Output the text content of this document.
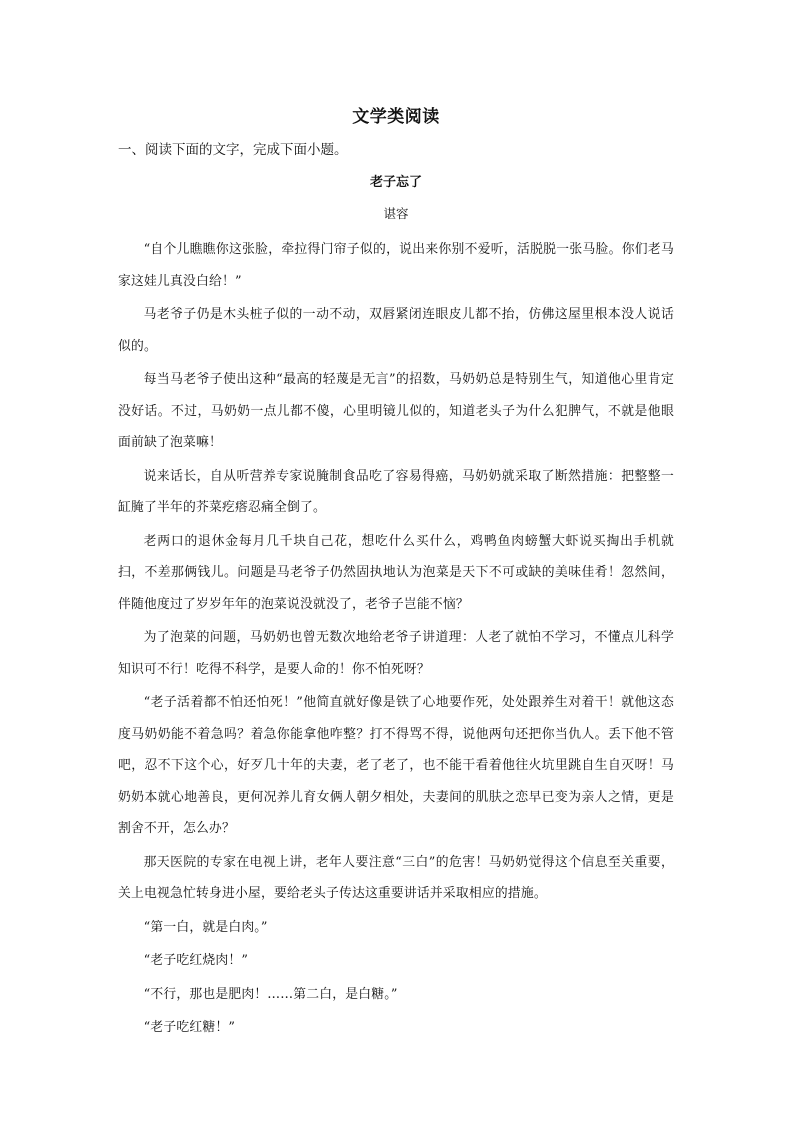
文学类阅读
一、阅读下面的文字，完成下面小题。
老子忘了
谌容

“自个儿瞧瞧你这张脸，牵拉得门帘子似的，说出来你别不爱听，活脱脱一张马脸。你们老马家这娃儿真没白给！”

马老爷子仍是木头桩子似的一动不动，双唇紧闭连眼皮儿都不抬，仿佛这屋里根本没人说话似的。

每当马老爷子使出这种“最高的轻蔑是无言”的招数，马奶奶总是特别生气，知道他心里肯定没好话。不过，马奶奶一点儿都不傻，心里明镜儿似的，知道老头子为什么犯脾气，不就是他眼面前缺了泡菜嘛！

说来话长，自从听营养专家说腌制食品吃了容易得癌，马奶奶就采取了断然措施：把整整一缸腌了半年的芥菜疙瘩忍痛全倒了。

老两口的退休金每月几千块自己花，想吃什么买什么，鸡鸭鱼肉螃蟹大虾说买掏出手机就扫，不差那俩钱儿。问题是马老爷子仍然固执地认为泡菜是天下不可或缺的美味佳肴！忽然间，伴随他度过了岁岁年年的泡菜说没就没了，老爷子岂能不恼？

为了泡菜的问题，马奶奶也曾无数次地给老爷子讲道理：人老了就怕不学习，不懂点儿科学知识可不行！吃得不科学，是要人命的！你不怕死呀？

“老子活着都不怕还怕死！”他简直就好像是铁了心地要作死，处处跟养生对着干！就他这态度马奶奶能不着急吗？着急你能拿他咋整？打不得骂不得，说他两句还把你当仇人。丢下他不管吧，忍不下这个心，好歹几十年的夫妻，老了老了，也不能干看着他往火坑里跳自生自灭呀！马奶奶本就心地善良，更何况养儿育女俩人朝夕相处，夫妻间的肌肤之恋早已变为亲人之情，更是割舍不开，怎么办？

那天医院的专家在电视上讲，老年人要注意“三白”的危害！马奶奶觉得这个信息至关重要，关上电视急忙转身进小屋，要给老头子传达这重要讲话并采取相应的措施。

“第一白，就是白肉。”

“老子吃红烧肉！”

“不行，那也是肥肉！……第二白，是白糖。”

“老子吃红糖！”
